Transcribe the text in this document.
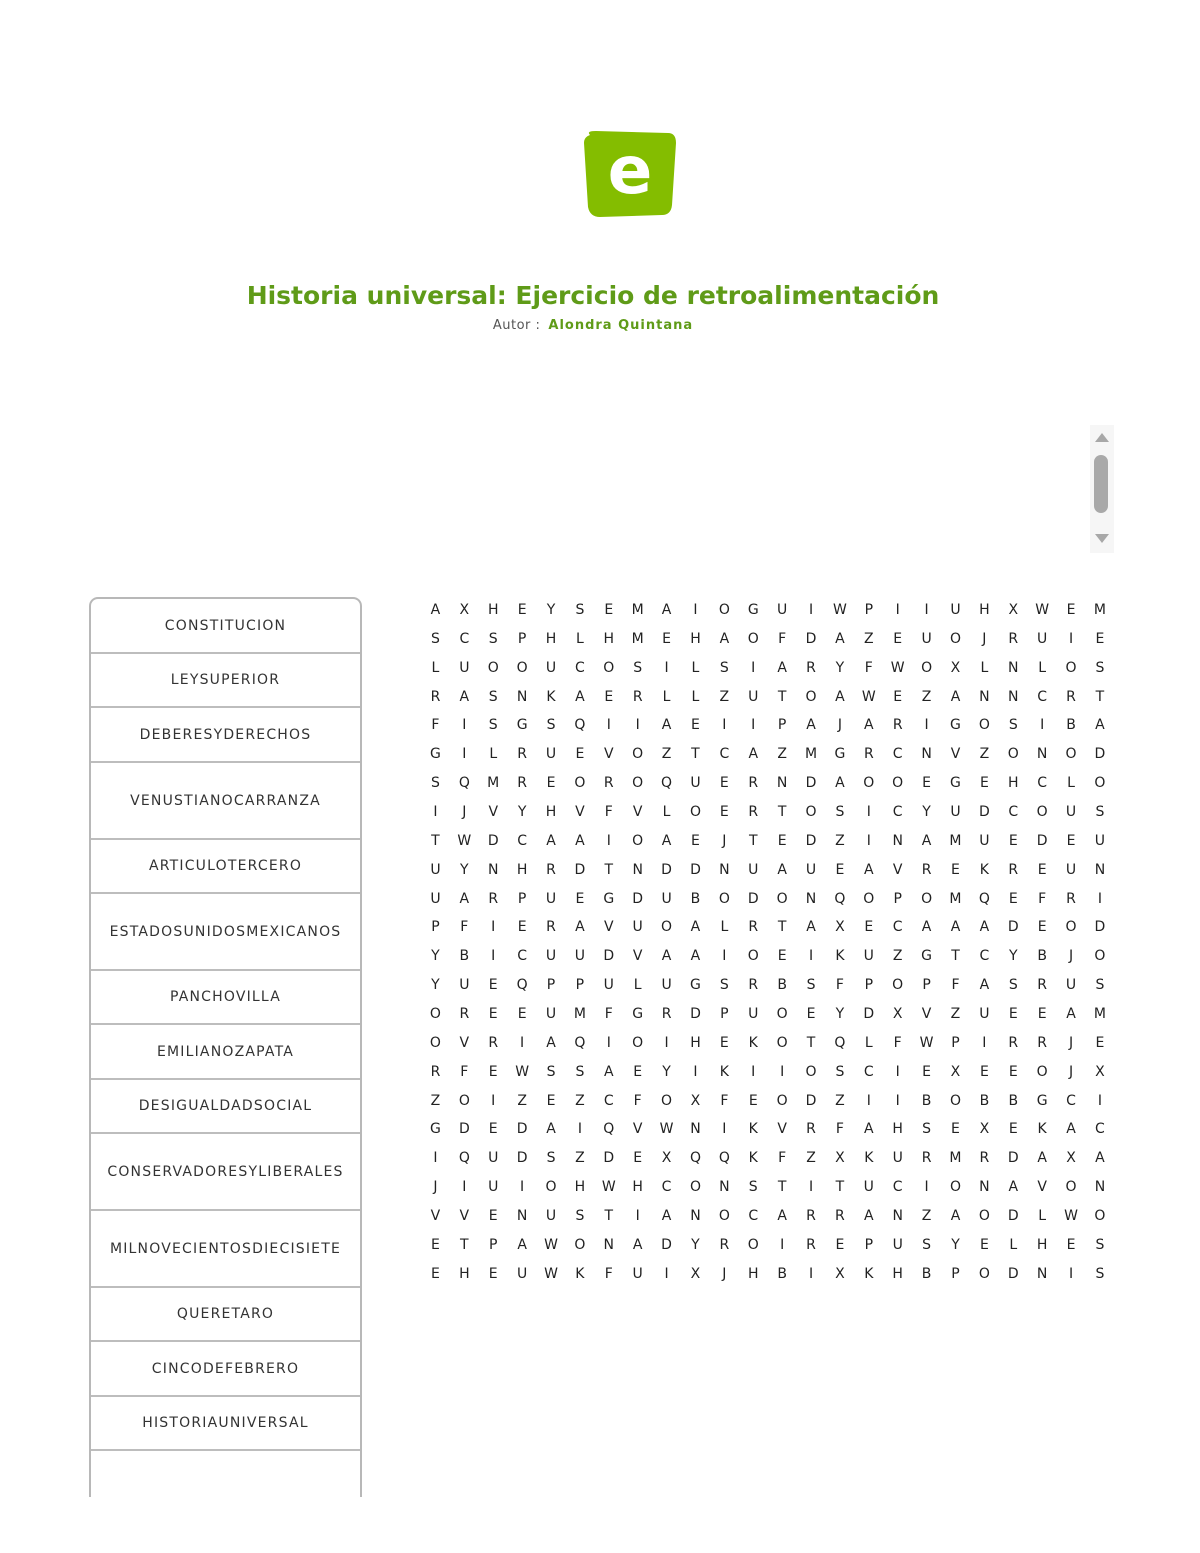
e
Historia universal: Ejercicio de retroalimentación
Autor : Alondra Quintana
CONSTITUCION
LEYSUPERIOR
DEBERESYDERECHOS
VENUSTIANOCARRANZA
ARTICULOTERCERO
ESTADOSUNIDOSMEXICANOS
PANCHOVILLA
EMILIANOZAPATA
DESIGUALDADSOCIAL
CONSERVADORESYLIBERALES
MILNOVECIENTOSDIECISIETE
QUERETARO
CINCODEFEBRERO
HISTORIAUNIVERSAL
A	X	H	E	Y	S	E	M	A	I	O	G	U	I	W	P	I	I	U	H	X	W	E	M
S	C	S	P	H	L	H	M	E	H	A	O	F	D	A	Z	E	U	O	J	R	U	I	E
L	U	O	O	U	C	O	S	I	L	S	I	A	R	Y	F	W	O	X	L	N	L	O	S
R	A	S	N	K	A	E	R	L	L	Z	U	T	O	A	W	E	Z	A	N	N	C	R	T
F	I	S	G	S	Q	I	I	A	E	I	I	P	A	J	A	R	I	G	O	S	I	B	A
G	I	L	R	U	E	V	O	Z	T	C	A	Z	M	G	R	C	N	V	Z	O	N	O	D
S	Q	M	R	E	O	R	O	Q	U	E	R	N	D	A	O	O	E	G	E	H	C	L	O
I	J	V	Y	H	V	F	V	L	O	E	R	T	O	S	I	C	Y	U	D	C	O	U	S
T	W	D	C	A	A	I	O	A	E	J	T	E	D	Z	I	N	A	M	U	E	D	E	U
U	Y	N	H	R	D	T	N	D	D	N	U	A	U	E	A	V	R	E	K	R	E	U	N
U	A	R	P	U	E	G	D	U	B	O	D	O	N	Q	O	P	O	M	Q	E	F	R	I
P	F	I	E	R	A	V	U	O	A	L	R	T	A	X	E	C	A	A	A	D	E	O	D
Y	B	I	C	U	U	D	V	A	A	I	O	E	I	K	U	Z	G	T	C	Y	B	J	O
Y	U	E	Q	P	P	U	L	U	G	S	R	B	S	F	P	O	P	F	A	S	R	U	S
O	R	E	E	U	M	F	G	R	D	P	U	O	E	Y	D	X	V	Z	U	E	E	A	M
O	V	R	I	A	Q	I	O	I	H	E	K	O	T	Q	L	F	W	P	I	R	R	J	E
R	F	E	W	S	S	A	E	Y	I	K	I	I	O	S	C	I	E	X	E	E	O	J	X
Z	O	I	Z	E	Z	C	F	O	X	F	E	O	D	Z	I	I	B	O	B	B	G	C	I
G	D	E	D	A	I	Q	V	W	N	I	K	V	R	F	A	H	S	E	X	E	K	A	C
I	Q	U	D	S	Z	D	E	X	Q	Q	K	F	Z	X	K	U	R	M	R	D	A	X	A
J	I	U	I	O	H	W	H	C	O	N	S	T	I	T	U	C	I	O	N	A	V	O	N
V	V	E	N	U	S	T	I	A	N	O	C	A	R	R	A	N	Z	A	O	D	L	W	O
E	T	P	A	W	O	N	A	D	Y	R	O	I	R	E	P	U	S	Y	E	L	H	E	S
E	H	E	U	W	K	F	U	I	X	J	H	B	I	X	K	H	B	P	O	D	N	I	S
